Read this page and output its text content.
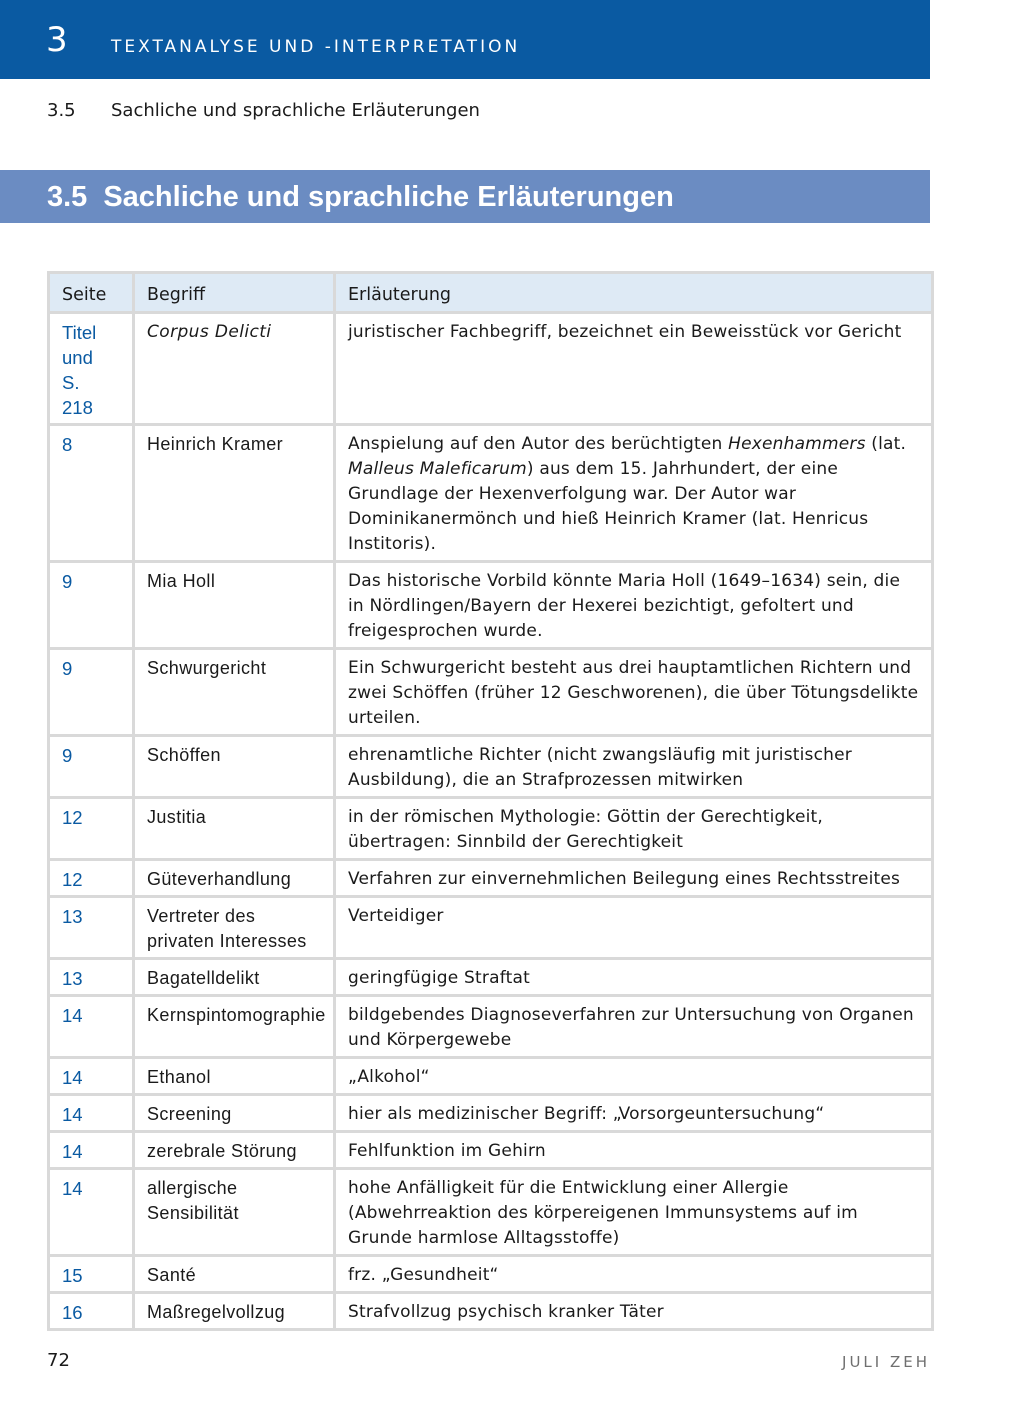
3	TEXTANALYSE UND -INTERPRETATION
3.5 Sachliche und sprachliche Erläuterungen
3.5 Sachliche und sprachliche Erläuterungen
Seite	Begriff	Erläuterung
Titel und S. 218	Corpus Delicti	juristischer Fachbegriff, bezeichnet ein Beweisstück vor Gericht
8	Heinrich Kramer	Anspielung auf den Autor des berüchtigten Hexenhammers (lat. Malleus Maleficarum) aus dem 15. Jahrhundert, der eine Grundlage der Hexenverfolgung war. Der Autor war Dominikanermönch und hieß Heinrich Kramer (lat. Henricus Institoris).
9	Mia Holl	Das historische Vorbild könnte Maria Holl (1649–1634) sein, die in Nördlingen/Bayern der Hexerei bezichtigt, gefoltert und freigesprochen wurde.
9	Schwurgericht	Ein Schwurgericht besteht aus drei hauptamtlichen Richtern und zwei Schöffen (früher 12 Geschworenen), die über Tötungsdelikte urteilen.
9	Schöffen	ehrenamtliche Richter (nicht zwangsläufig mit juristischer Ausbildung), die an Strafprozessen mitwirken
12	Justitia	in der römischen Mythologie: Göttin der Gerechtigkeit, übertragen: Sinnbild der Gerechtigkeit
12	Güteverhandlung	Verfahren zur einvernehmlichen Beilegung eines Rechtsstreites
13	Vertreter des privaten Interesses	Verteidiger
13	Bagatelldelikt	geringfügige Straftat
14	Kernspintomographie	bildgebendes Diagnoseverfahren zur Untersuchung von Organen und Körpergewebe
14	Ethanol	„Alkohol“
14	Screening	hier als medizinischer Begriff: „Vorsorgeuntersuchung“
14	zerebrale Störung	Fehlfunktion im Gehirn
14	allergische Sensibilität	hohe Anfälligkeit für die Entwicklung einer Allergie (Abwehrreaktion des körpereigenen Immunsystems auf im Grunde harmlose Alltagsstoffe)
15	Santé	frz. „Gesundheit“
16	Maßregelvollzug	Strafvollzug psychisch kranker Täter
72	JULI ZEH
